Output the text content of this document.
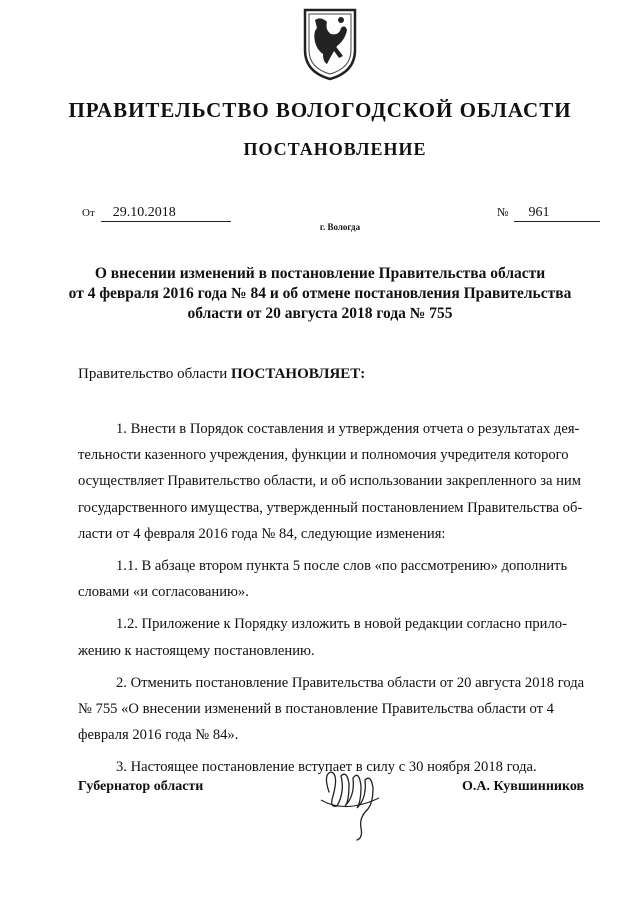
ПРАВИТЕЛЬСТВО ВОЛОГОДСКОЙ ОБЛАСТИ
ПОСТАНОВЛЕНИЕ
От 29.10.2018	№ 961
г. Вологда
О внесении изменений в постановление Правительства области
от 4 февраля 2016 года № 84 и об отмене постановления Правительства
области от 20 августа 2018 года № 755
Правительство области ПОСТАНОВЛЯЕТ:
1. Внести в Порядок составления и утверждения отчета о результатах дея-
тельности казенного учреждения, функции и полномочия учредителя которого
осуществляет Правительство области, и об использовании закрепленного за ним
государственного имущества, утвержденный постановлением Правительства об-
ласти от 4 февраля 2016 года № 84, следующие изменения:
1.1. В абзаце втором пункта 5 после слов «по рассмотрению» дополнить
словами «и согласованию».
1.2. Приложение к Порядку изложить в новой редакции согласно прило-
жению к настоящему постановлению.
2. Отменить постановление Правительства области от 20 августа 2018 года
№ 755 «О внесении изменений в постановление Правительства области от 4
февраля 2016 года № 84».
3. Настоящее постановление вступает в силу с 30 ноября 2018 года.
Губернатор области	О.А. Кувшинников
